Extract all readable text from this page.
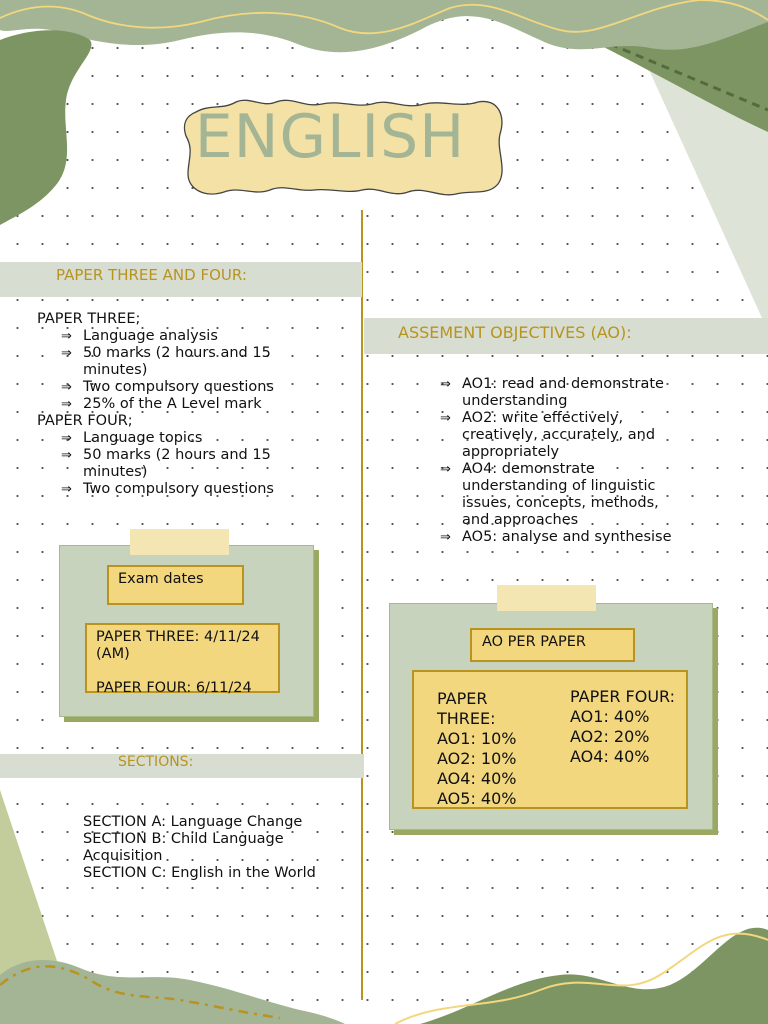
ENGLISH
PAPER THREE AND FOUR:
PAPER THREE;
⇒ Language analysis
⇒ 50 marks (2 hours and 15 minutes)
⇒ Two compulsory questions
⇒ 25% of the A Level mark
PAPER FOUR;
⇒ Language topics
⇒ 50 marks (2 hours and 15 minutes)
⇒ Two compulsory questions
ASSEMENT OBJECTIVES (AO):
⇒ AO1: read and demonstrate understanding
⇒ AO2: write effectively, creatively, accurately, and appropriately
⇒ AO4: demonstrate understanding of linguistic issues, concepts, methods, and approaches
⇒ AO5: analyse and synthesise
Exam dates
PAPER THREE: 4/11/24 (AM)
PAPER FOUR: 6/11/24
AO PER PAPER
PAPER THREE:
AO1: 10%
AO2: 10%
AO4: 40%
AO5: 40%
PAPER FOUR:
AO1: 40%
AO2: 20%
AO4: 40%
SECTIONS:
SECTION A: Language Change
SECTION B: Child Language Acquisition
SECTION C: English in the World
